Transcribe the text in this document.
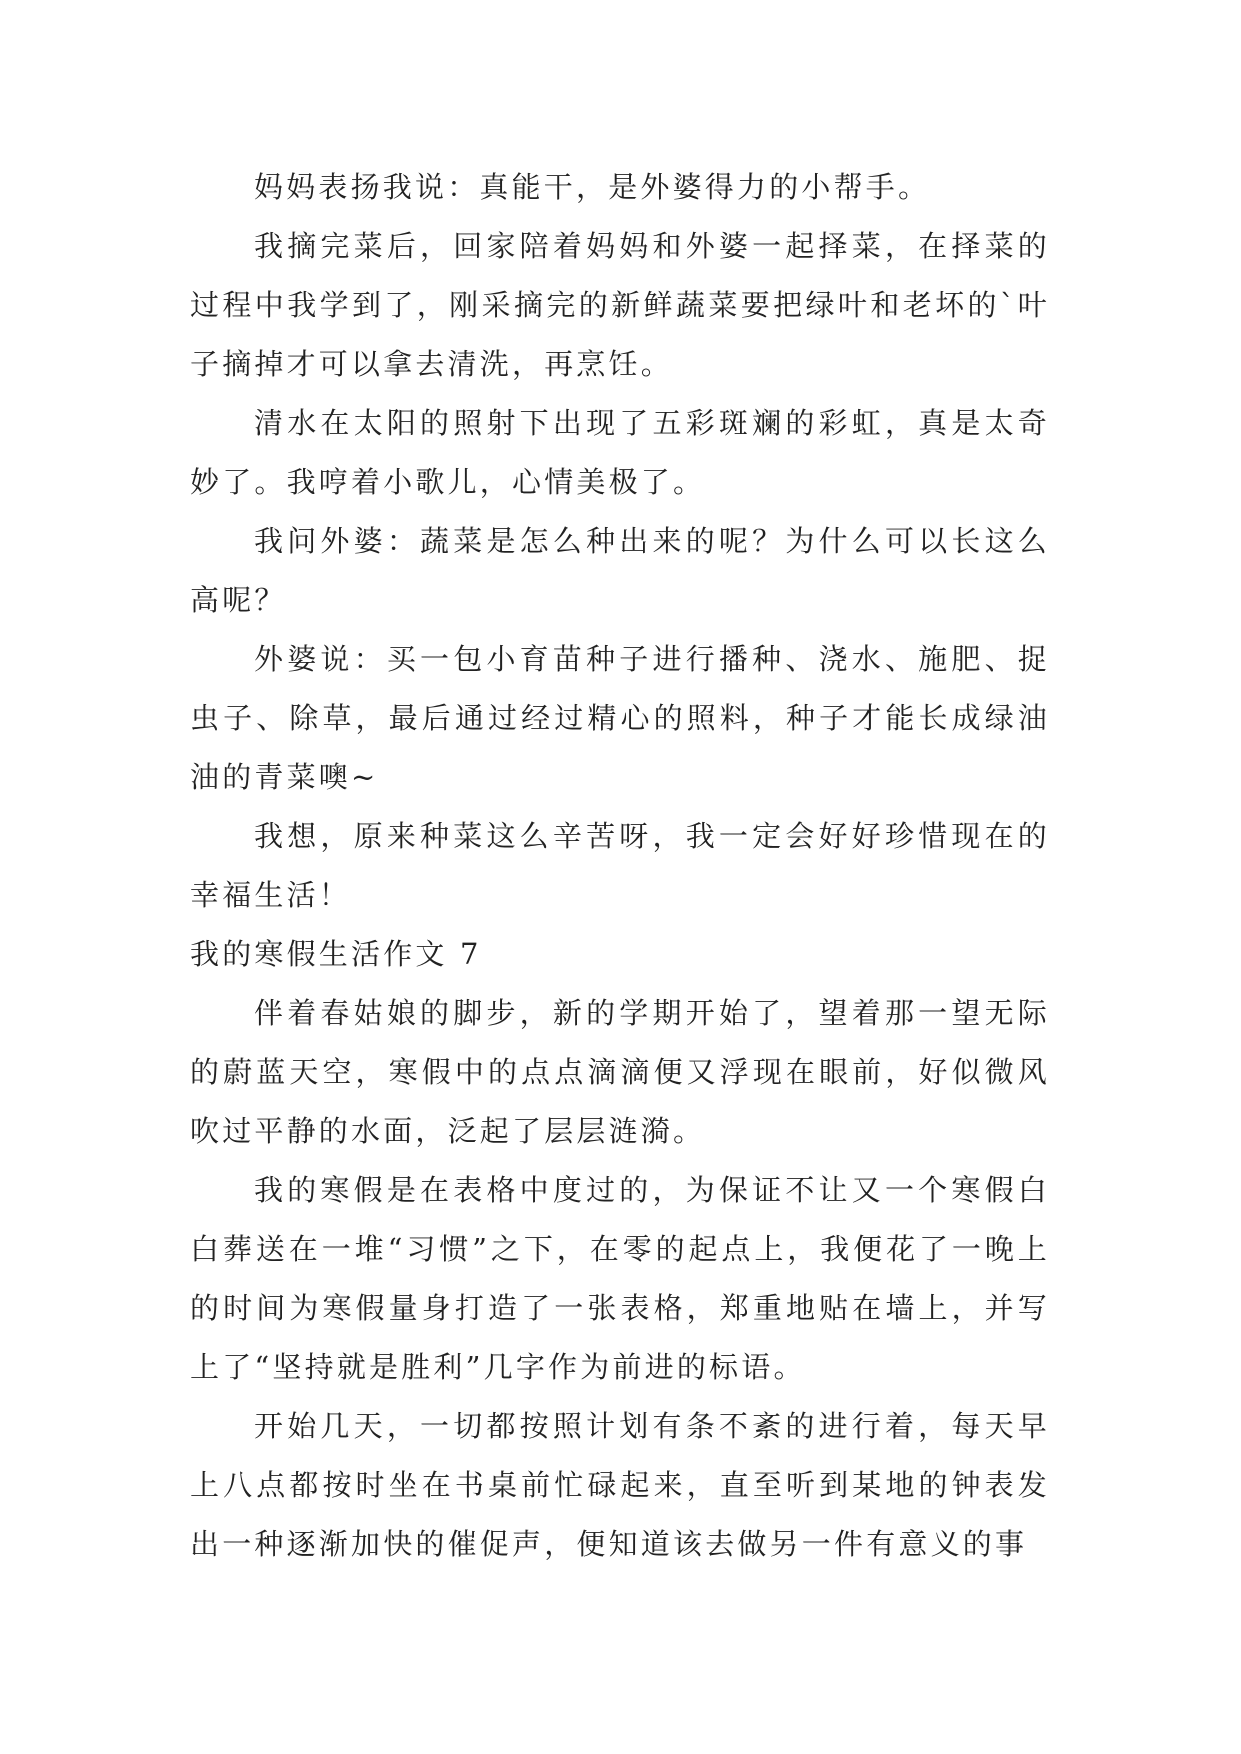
妈妈表扬我说：真能干，是外婆得力的小帮手。

我摘完菜后，回家陪着妈妈和外婆一起择菜，在择菜的过程中我学到了，刚采摘完的新鲜蔬菜要把绿叶和老坏的`叶子摘掉才可以拿去清洗，再烹饪。

清水在太阳的照射下出现了五彩斑斓的彩虹，真是太奇妙了。我哼着小歌儿，心情美极了。

我问外婆：蔬菜是怎么种出来的呢？为什么可以长这么高呢？

外婆说：买一包小育苗种子进行播种、浇水、施肥、捉虫子、除草，最后通过经过精心的照料，种子才能长成绿油油的青菜噢~

我想，原来种菜这么辛苦呀，我一定会好好珍惜现在的幸福生活！

我的寒假生活作文 7

伴着春姑娘的脚步，新的学期开始了，望着那一望无际的蔚蓝天空，寒假中的点点滴滴便又浮现在眼前，好似微风吹过平静的水面，泛起了层层涟漪。

我的寒假是在表格中度过的，为保证不让又一个寒假白白葬送在一堆“习惯”之下，在零的起点上，我便花了一晚上的时间为寒假量身打造了一张表格，郑重地贴在墙上，并写上了“坚持就是胜利”几字作为前进的标语。

开始几天，一切都按照计划有条不紊的进行着，每天早上八点都按时坐在书桌前忙碌起来，直至听到某地的钟表发出一种逐渐加快的催促声，便知道该去做另一件有意义的事
